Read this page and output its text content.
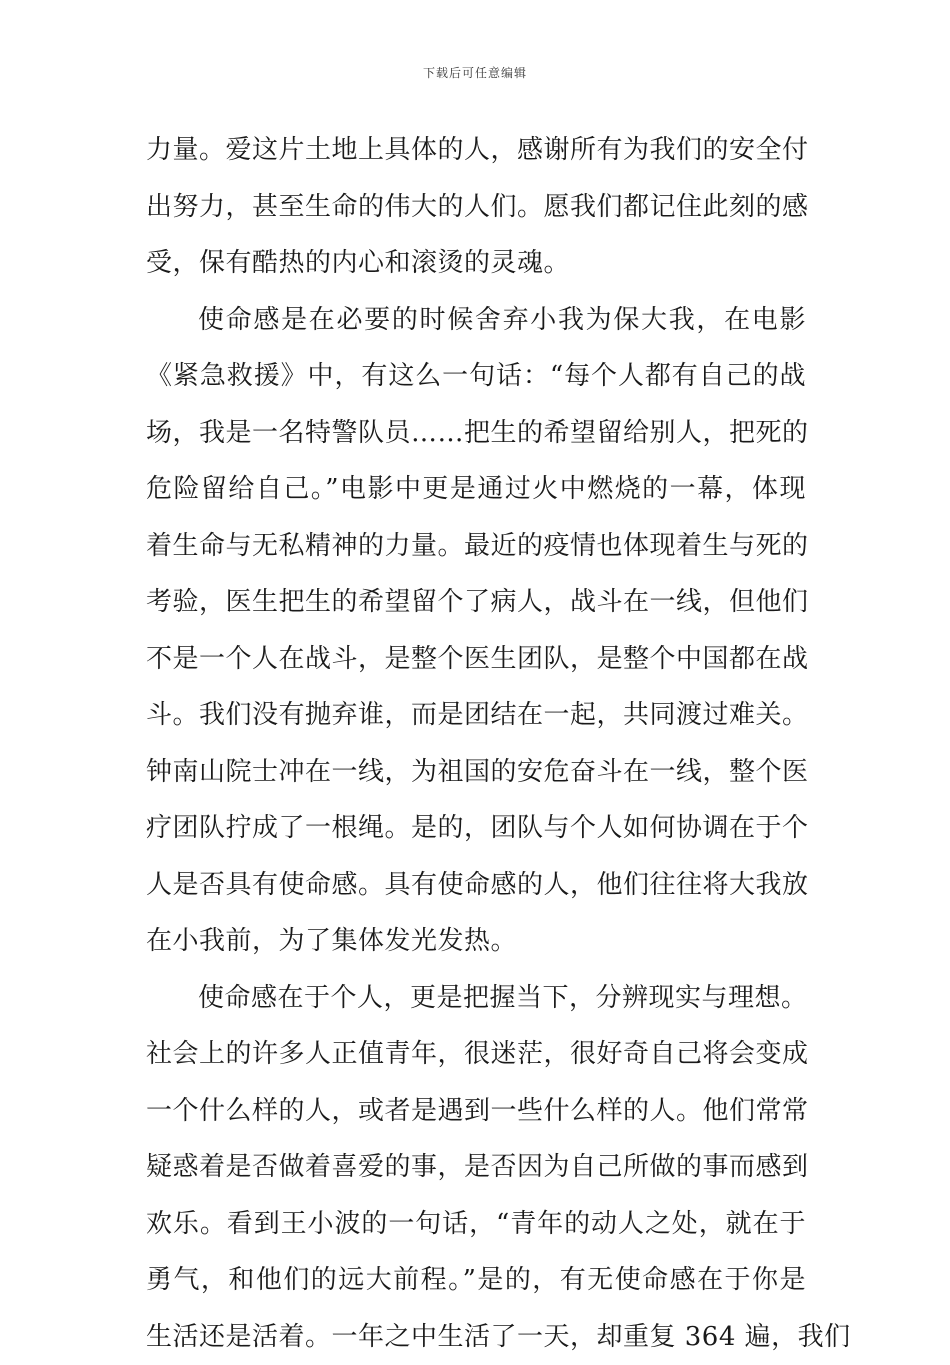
下载后可任意编辑
力量。爱这片土地上具体的人，感谢所有为我们的安全付
出努力，甚至生命的伟大的人们。愿我们都记住此刻的感
受，保有酷热的内心和滚烫的灵魂。
使命感是在必要的时候舍弃小我为保大我，在电影
《紧急救援》中，有这么一句话：“每个人都有自己的战
场，我是一名特警队员……把生的希望留给别人，把死的
危险留给自己。”电影中更是通过火中燃烧的一幕，体现
着生命与无私精神的力量。最近的疫情也体现着生与死的
考验，医生把生的希望留个了病人，战斗在一线，但他们
不是一个人在战斗，是整个医生团队，是整个中国都在战
斗。我们没有抛弃谁，而是团结在一起，共同渡过难关。
钟南山院士冲在一线，为祖国的安危奋斗在一线，整个医
疗团队拧成了一根绳。是的，团队与个人如何协调在于个
人是否具有使命感。具有使命感的人，他们往往将大我放
在小我前，为了集体发光发热。
使命感在于个人，更是把握当下，分辨现实与理想。
社会上的许多人正值青年，很迷茫，很好奇自己将会变成
一个什么样的人，或者是遇到一些什么样的人。他们常常
疑惑着是否做着喜爱的事，是否因为自己所做的事而感到
欢乐。看到王小波的一句话，“青年的动人之处，就在于
勇气，和他们的远大前程。”是的，有无使命感在于你是
生活还是活着。一年之中生活了一天，却重复 364 遍，我们
